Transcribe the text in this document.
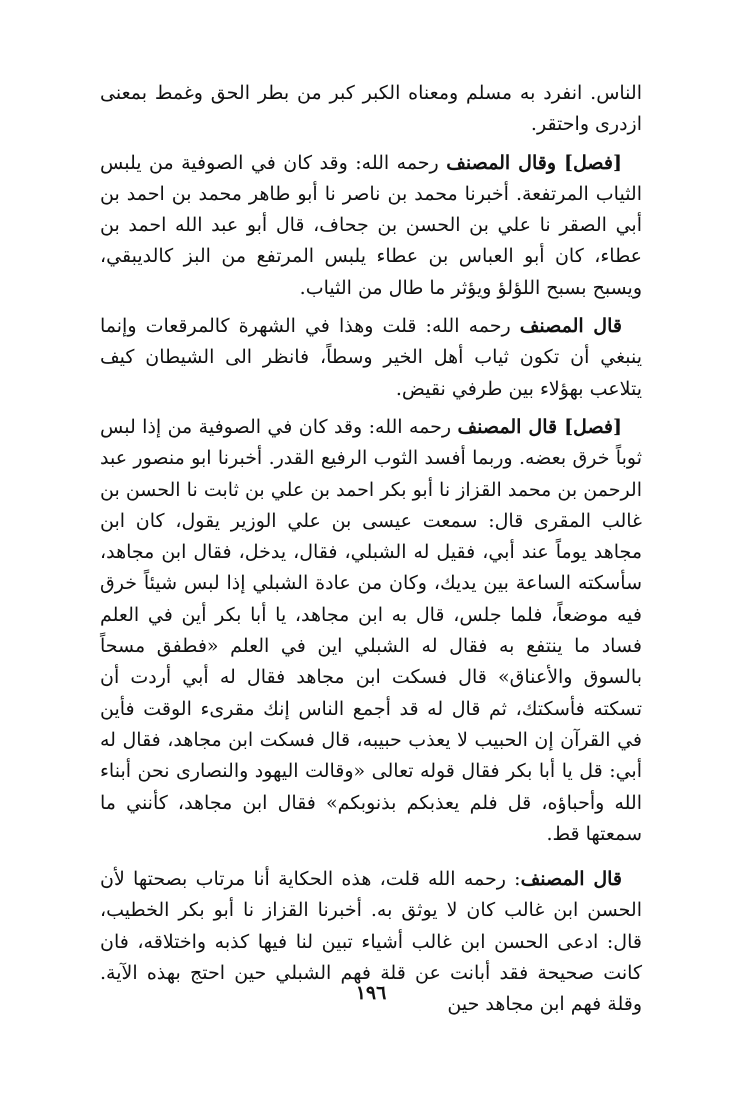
الناس. انفرد به مسلم ومعناه الكبر كبر من بطر الحق وغمط بمعنى ازدرى واحتقر.

[فصل] وقال المصنف رحمه الله: وقد كان في الصوفية من يلبس الثياب المرتفعة. أخبرنا محمد بن ناصر نا أبو طاهر محمد بن احمد بن أبي الصقر نا علي بن الحسن بن جحاف، قال أبو عبد الله احمد بن عطاء، كان أبو العباس بن عطاء يلبس المرتفع من البز كالديبقي، ويسبح بسبح اللؤلؤ ويؤثر ما طال من الثياب.

قال المصنف رحمه الله: قلت وهذا في الشهرة كالمرقعات وإنما ينبغي أن تكون ثياب أهل الخير وسطاً، فانظر الى الشيطان كيف يتلاعب بهؤلاء بين طرفي نقيض.

[فصل] قال المصنف رحمه الله: وقد كان في الصوفية من إذا لبس ثوباً خرق بعضه. وربما أفسد الثوب الرفيع القدر. أخبرنا ابو منصور عبد الرحمن بن محمد القزاز نا أبو بكر احمد بن علي بن ثابت نا الحسن بن غالب المقرى قال: سمعت عيسى بن علي الوزير يقول، كان ابن مجاهد يوماً عند أبي، فقيل له الشبلي، فقال، يدخل، فقال ابن مجاهد، سأسكته الساعة بين يديك، وكان من عادة الشبلي إذا لبس شيئاً خرق فيه موضعاً، فلما جلس، قال به ابن مجاهد، يا أبا بكر أين في العلم فساد ما ينتفع به فقال له الشبلي اين في العلم «فطفق مسحاً بالسوق والأعناق» قال فسكت ابن مجاهد فقال له أبي أردت أن تسكته فأسكتك، ثم قال له قد أجمع الناس إنك مقرىء الوقت فأين في القرآن إن الحبيب لا يعذب حبيبه، قال فسكت ابن مجاهد، فقال له أبي: قل يا أبا بكر فقال قوله تعالى «وقالت اليهود والنصارى نحن أبناء الله وأحباؤه، قل فلم يعذبكم بذنوبكم» فقال ابن مجاهد، كأنني ما سمعتها قط.

قال المصنف: رحمه الله قلت، هذه الحكاية أنا مرتاب بصحتها لأن الحسن ابن غالب كان لا يوثق به. أخبرنا القزاز نا أبو بكر الخطيب، قال: ادعى الحسن ابن غالب أشياء تبين لنا فيها كذبه واختلاقه، فان كانت صحيحة فقد أبانت عن قلة فهم الشبلي حين احتج بهذه الآية. وقلة فهم ابن مجاهد حين

١٩٦
